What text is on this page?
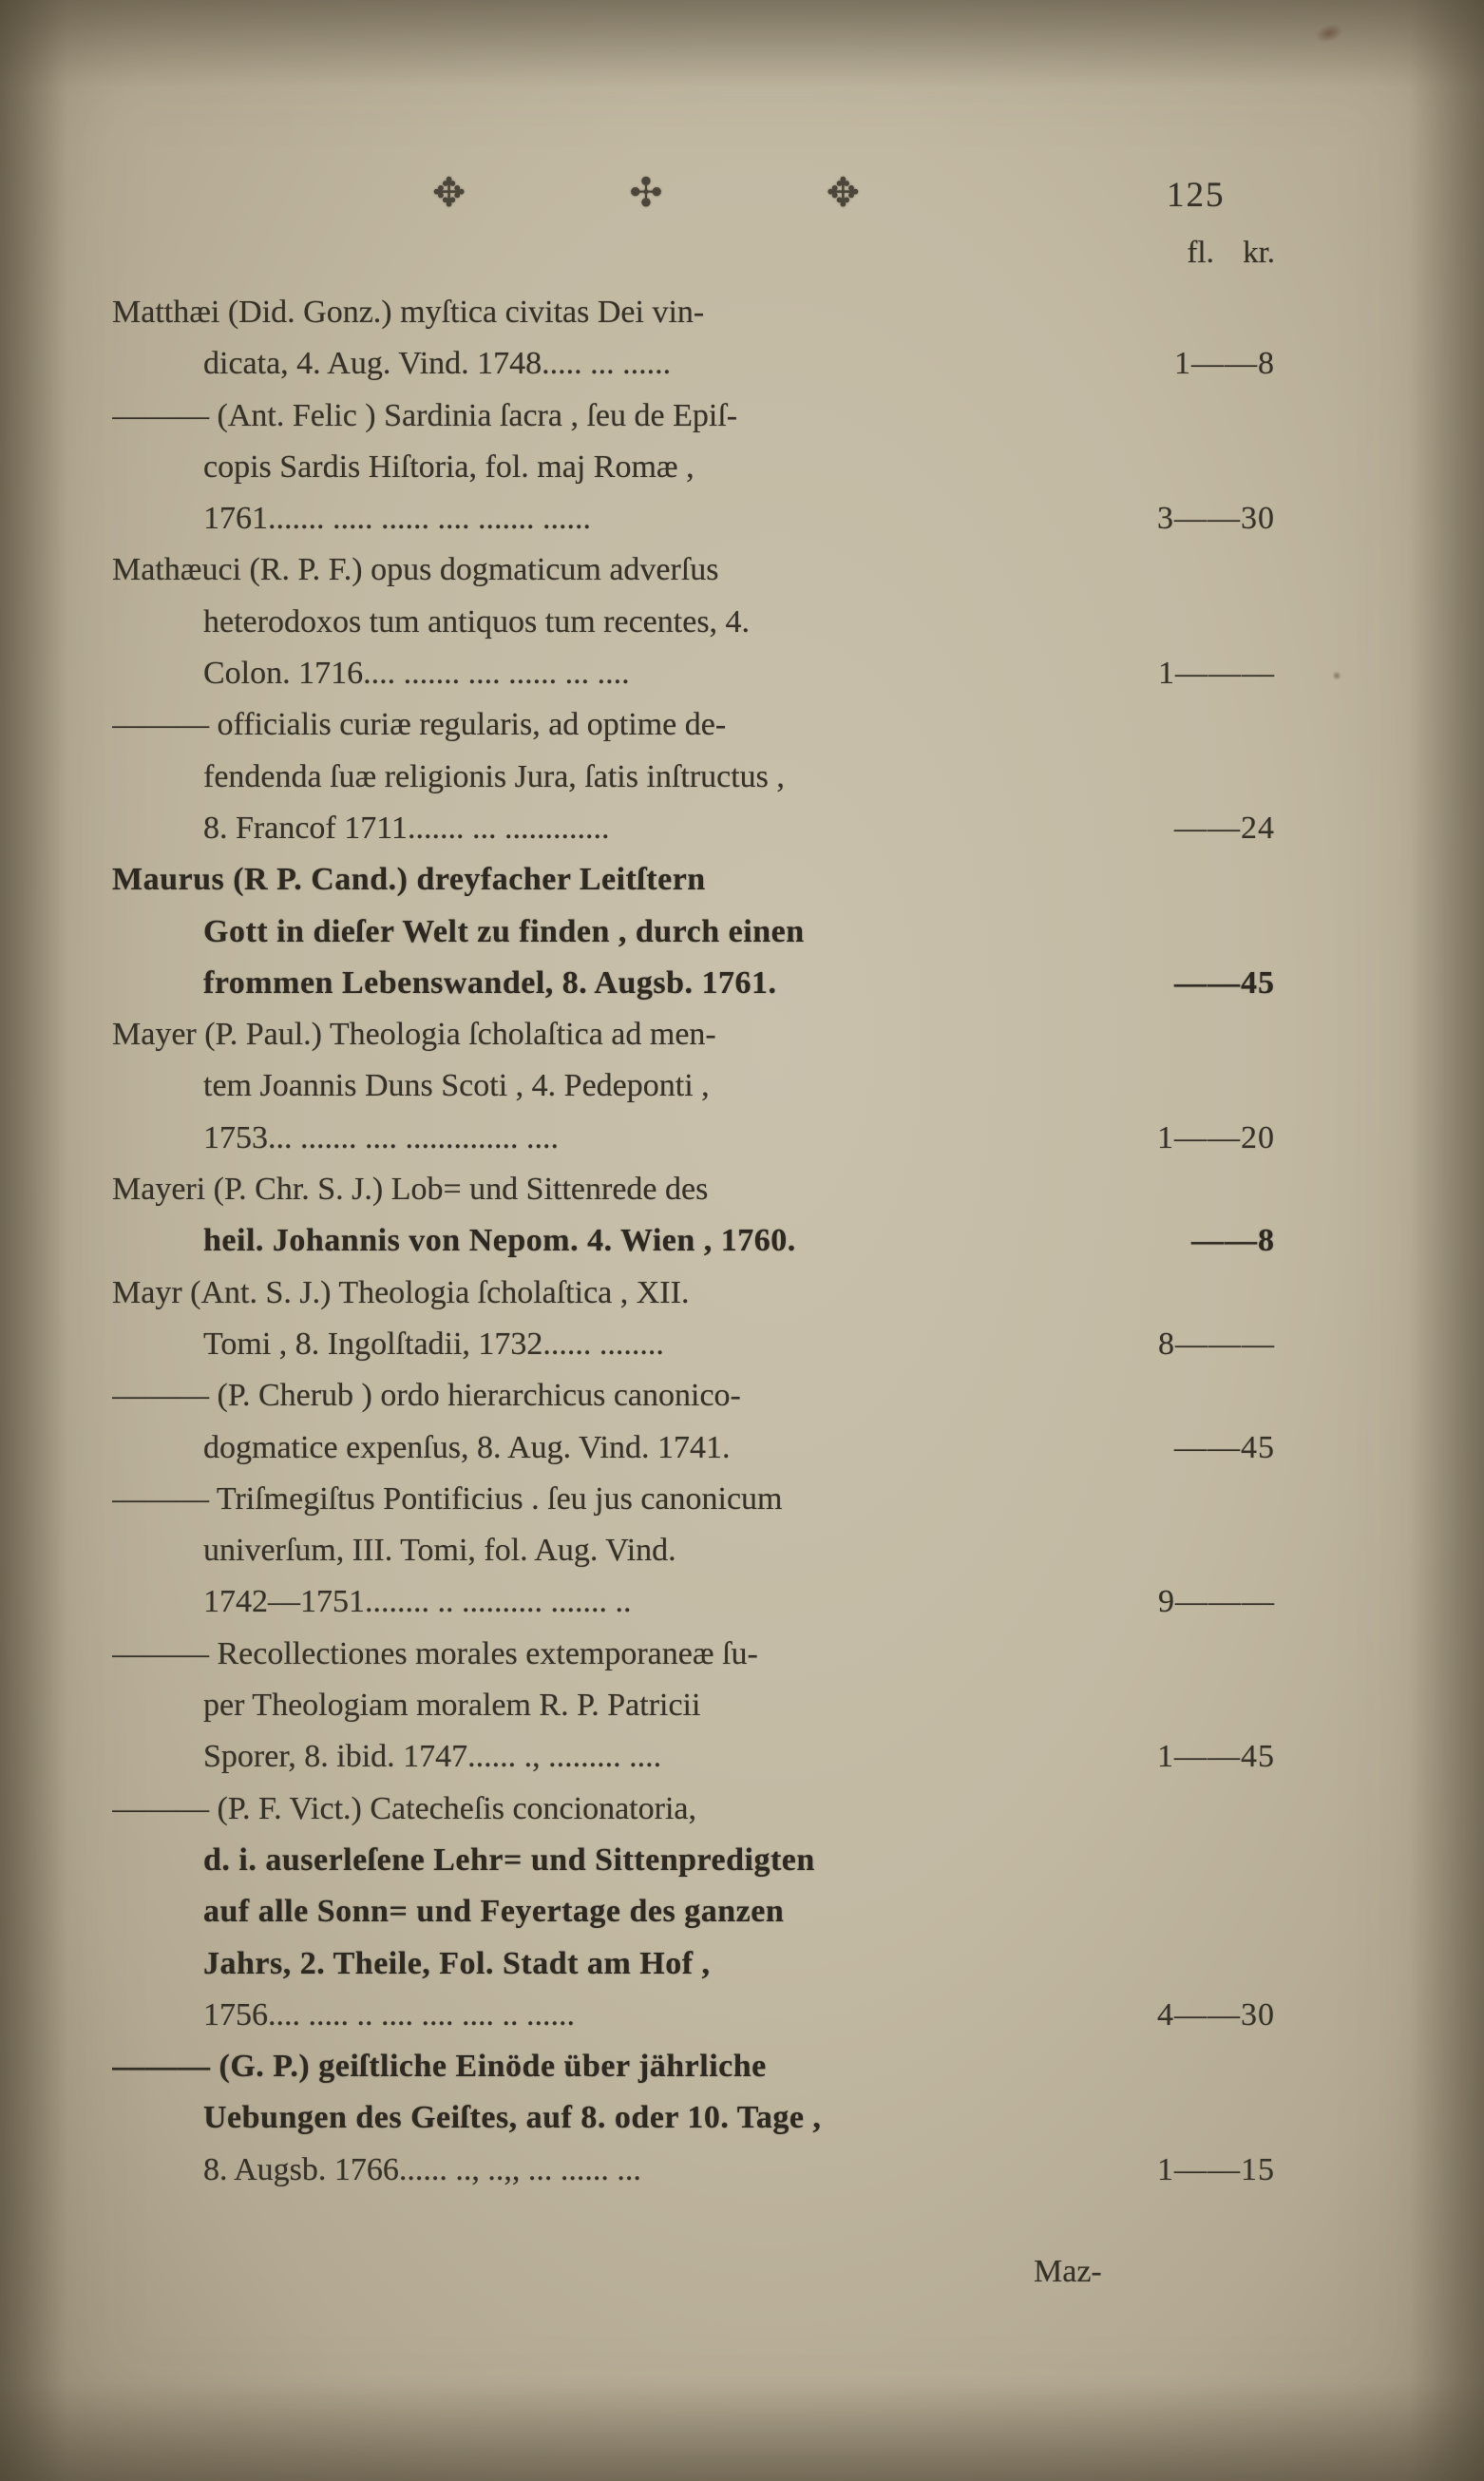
✥	✣	✥	125
fl. kr.
Matthæi (Did. Gonz.) myſtica civitas Dei vin-
dicata, 4. Aug. Vind. 1748..... ... ......	1——8
——— (Ant. Felic ) Sardinia ſacra , ſeu de Epiſ-
copis Sardis Hiſtoria, fol. maj Romæ ,
1761....... ..... ...... .... ....... ......	3——30
Mathæuci (R. P. F.) opus dogmaticum adverſus
heterodoxos tum antiquos tum recentes, 4.
Colon. 1716.... ....... .... ...... ... ....	1———
——— officialis curiæ regularis, ad optime de-
fendenda ſuæ religionis Jura, ſatis inſtructus ,
8. Francof 1711....... ... .............	——24
Maurus (R P. Cand.) dreyfacher Leitſtern
Gott in dieſer Welt zu finden , durch einen
frommen Lebenswandel, 8. Augsb. 1761.	——45
Mayer (P. Paul.) Theologia ſcholaſtica ad men-
tem Joannis Duns Scoti , 4. Pedeponti ,
1753... ....... .... .............. ....	1——20
Mayeri (P. Chr. S. J.) Lob= und Sittenrede des
heil. Johannis von Nepom. 4. Wien , 1760.	——8
Mayr (Ant. S. J.) Theologia ſcholaſtica , XII.
Tomi , 8. Ingolſtadii, 1732...... ........	8———
——— (P. Cherub ) ordo hierarchicus canonico-
dogmatice expenſus, 8. Aug. Vind. 1741.	——45
——— Triſmegiſtus Pontificius . ſeu jus canonicum
univerſum, III. Tomi, fol. Aug. Vind.
1742—1751........ .. .......... ....... ..	9———
——— Recollectiones morales extemporaneæ ſu-
per Theologiam moralem R. P. Patricii
Sporer, 8. ibid. 1747...... ., ......... ....	1——45
——— (P. F. Vict.) Catecheſis concionatoria,
d. i. auserleſene Lehr= und Sittenpredigten
auf alle Sonn= und Feyertage des ganzen
Jahrs, 2. Theile, Fol. Stadt am Hof ,
1756.... ..... .. .... .... .... .. ......	4——30
——— (G. P.) geiſtliche Einöde über jährliche
Uebungen des Geiſtes, auf 8. oder 10. Tage ,
8. Augsb. 1766...... .., ..,, ... ...... ...	1——15
Maz-
